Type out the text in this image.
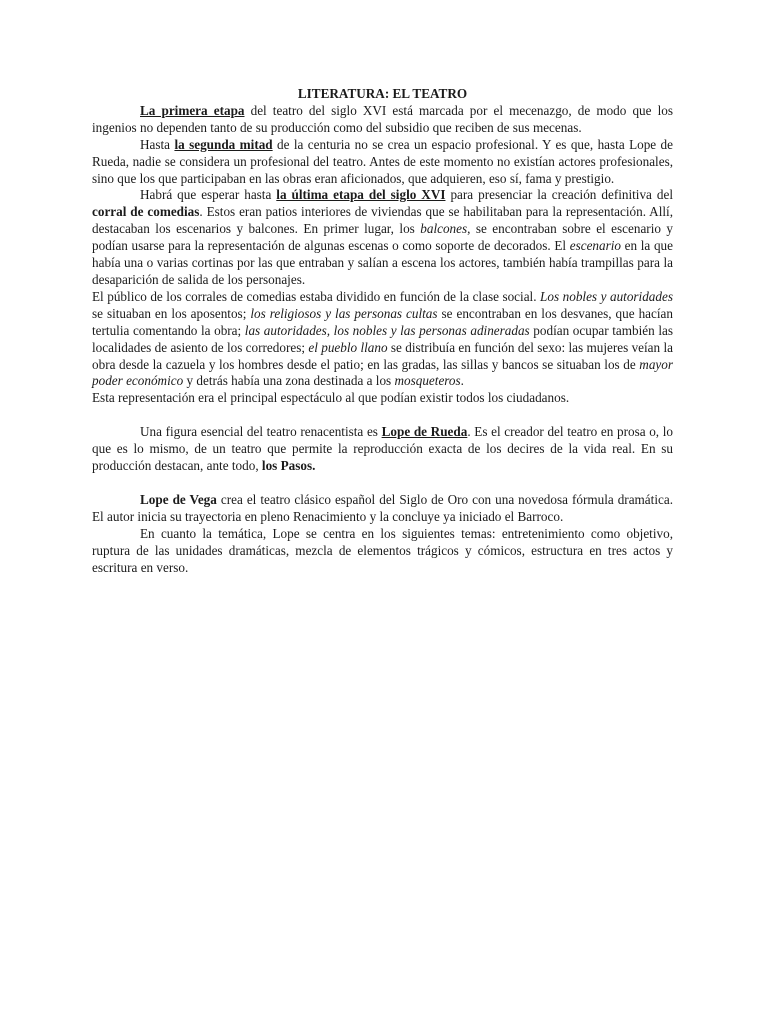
LITERATURA: EL TEATRO

La primera etapa del teatro del siglo XVI está marcada por el mecenazgo, de modo que los ingenios no dependen tanto de su producción como del subsidio que reciben de sus mecenas.

Hasta la segunda mitad de la centuria no se crea un espacio profesional. Y es que, hasta Lope de Rueda, nadie se considera un profesional del teatro. Antes de este momento no existían actores profesionales, sino que los que participaban en las obras eran aficionados, que adquieren, eso sí, fama y prestigio.

Habrá que esperar hasta la última etapa del siglo XVI para presenciar la creación definitiva del corral de comedias. Estos eran patios interiores de viviendas que se habilitaban para la representación. Allí, destacaban los escenarios y balcones. En primer lugar, los balcones, se encontraban sobre el escenario y podían usarse para la representación de algunas escenas o como soporte de decorados. El escenario en la que había una o varias cortinas por las que entraban y salían a escena los actores, también había trampillas para la desaparición de salida de los personajes.

El público de los corrales de comedias estaba dividido en función de la clase social. Los nobles y autoridades se situaban en los aposentos; los religiosos y las personas cultas se encontraban en los desvanes, que hacían tertulia comentando la obra; las autoridades, los nobles y las personas adineradas podían ocupar también las localidades de asiento de los corredores; el pueblo llano se distribuía en función del sexo: las mujeres veían la obra desde la cazuela y los hombres desde el patio; en las gradas, las sillas y bancos se situaban los de mayor poder económico y detrás había una zona destinada a los mosqueteros.

Esta representación era el principal espectáculo al que podían existir todos los ciudadanos.

Una figura esencial del teatro renacentista es Lope de Rueda. Es el creador del teatro en prosa o, lo que es lo mismo, de un teatro que permite la reproducción exacta de los decires de la vida real. En su producción destacan, ante todo, los Pasos.

Lope de Vega crea el teatro clásico español del Siglo de Oro con una novedosa fórmula dramática. El autor inicia su trayectoria en pleno Renacimiento y la concluye ya iniciado el Barroco.

En cuanto la temática, Lope se centra en los siguientes temas: entretenimiento como objetivo, ruptura de las unidades dramáticas, mezcla de elementos trágicos y cómicos, estructura en tres actos y escritura en verso.
